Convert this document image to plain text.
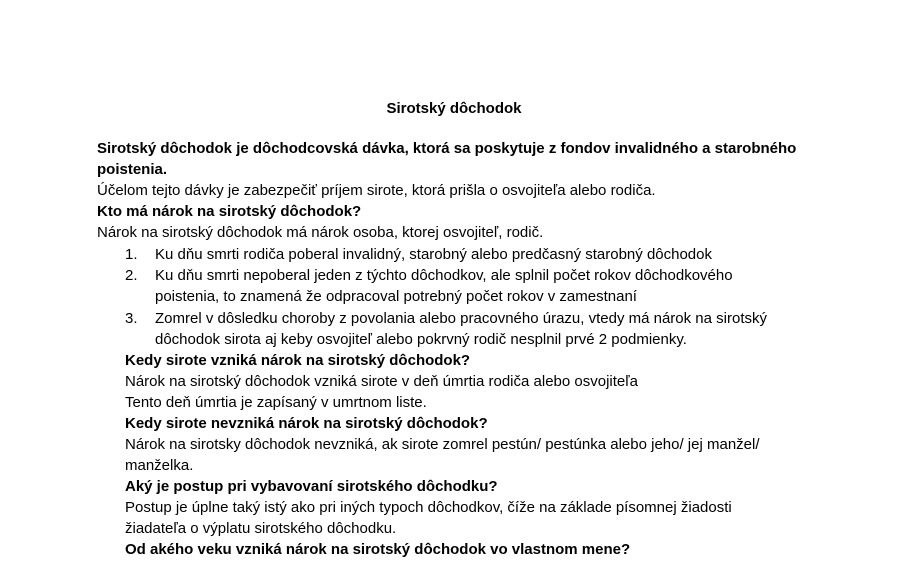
Sirotský dôchodok
Sirotský dôchodok je dôchodcovská dávka, ktorá sa poskytuje z fondov invalidného a starobného
poistenia.
Účelom tejto dávky je zabezpečiť príjem sirote, ktorá prišla o osvojiteľa alebo rodiča.
Kto má nárok na sirotský dôchodok?
Nárok na sirotský dôchodok má nárok osoba, ktorej osvojiteľ, rodič.
1. Ku dňu smrti rodiča poberal invalidný, starobný alebo predčasný starobný dôchodok
2. Ku dňu smrti nepoberal jeden z týchto dôchodkov, ale splnil počet rokov dôchodkového
poistenia, to znamená že odpracoval potrebný počet rokov v zamestnaní
3. Zomrel v dôsledku choroby z povolania alebo pracovného úrazu, vtedy má nárok na sirotský
dôchodok sirota aj keby osvojiteľ alebo pokrvný rodič nesplnil prvé 2 podmienky.
Kedy sirote vzniká nárok na sirotský dôchodok?
Nárok na sirotský dôchodok vzniká sirote v deň úmrtia rodiča alebo osvojiteľa
Tento deň úmrtia je zapísaný v umrtnom liste.
Kedy sirote nevzniká nárok na sirotský dôchodok?
Nárok na sirotsky dôchodok nevzniká, ak sirote zomrel pestún/ pestúnka alebo jeho/ jej manžel/
manželka.
Aký je postup pri vybavovaní sirotského dôchodku?
Postup je úplne taký istý ako pri iných typoch dôchodkov, číže na základe písomnej žiadosti
žiadateľa o výplatu sirotského dôchodku.
Od akého veku vzniká nárok na sirotský dôchodok vo vlastnom mene?
